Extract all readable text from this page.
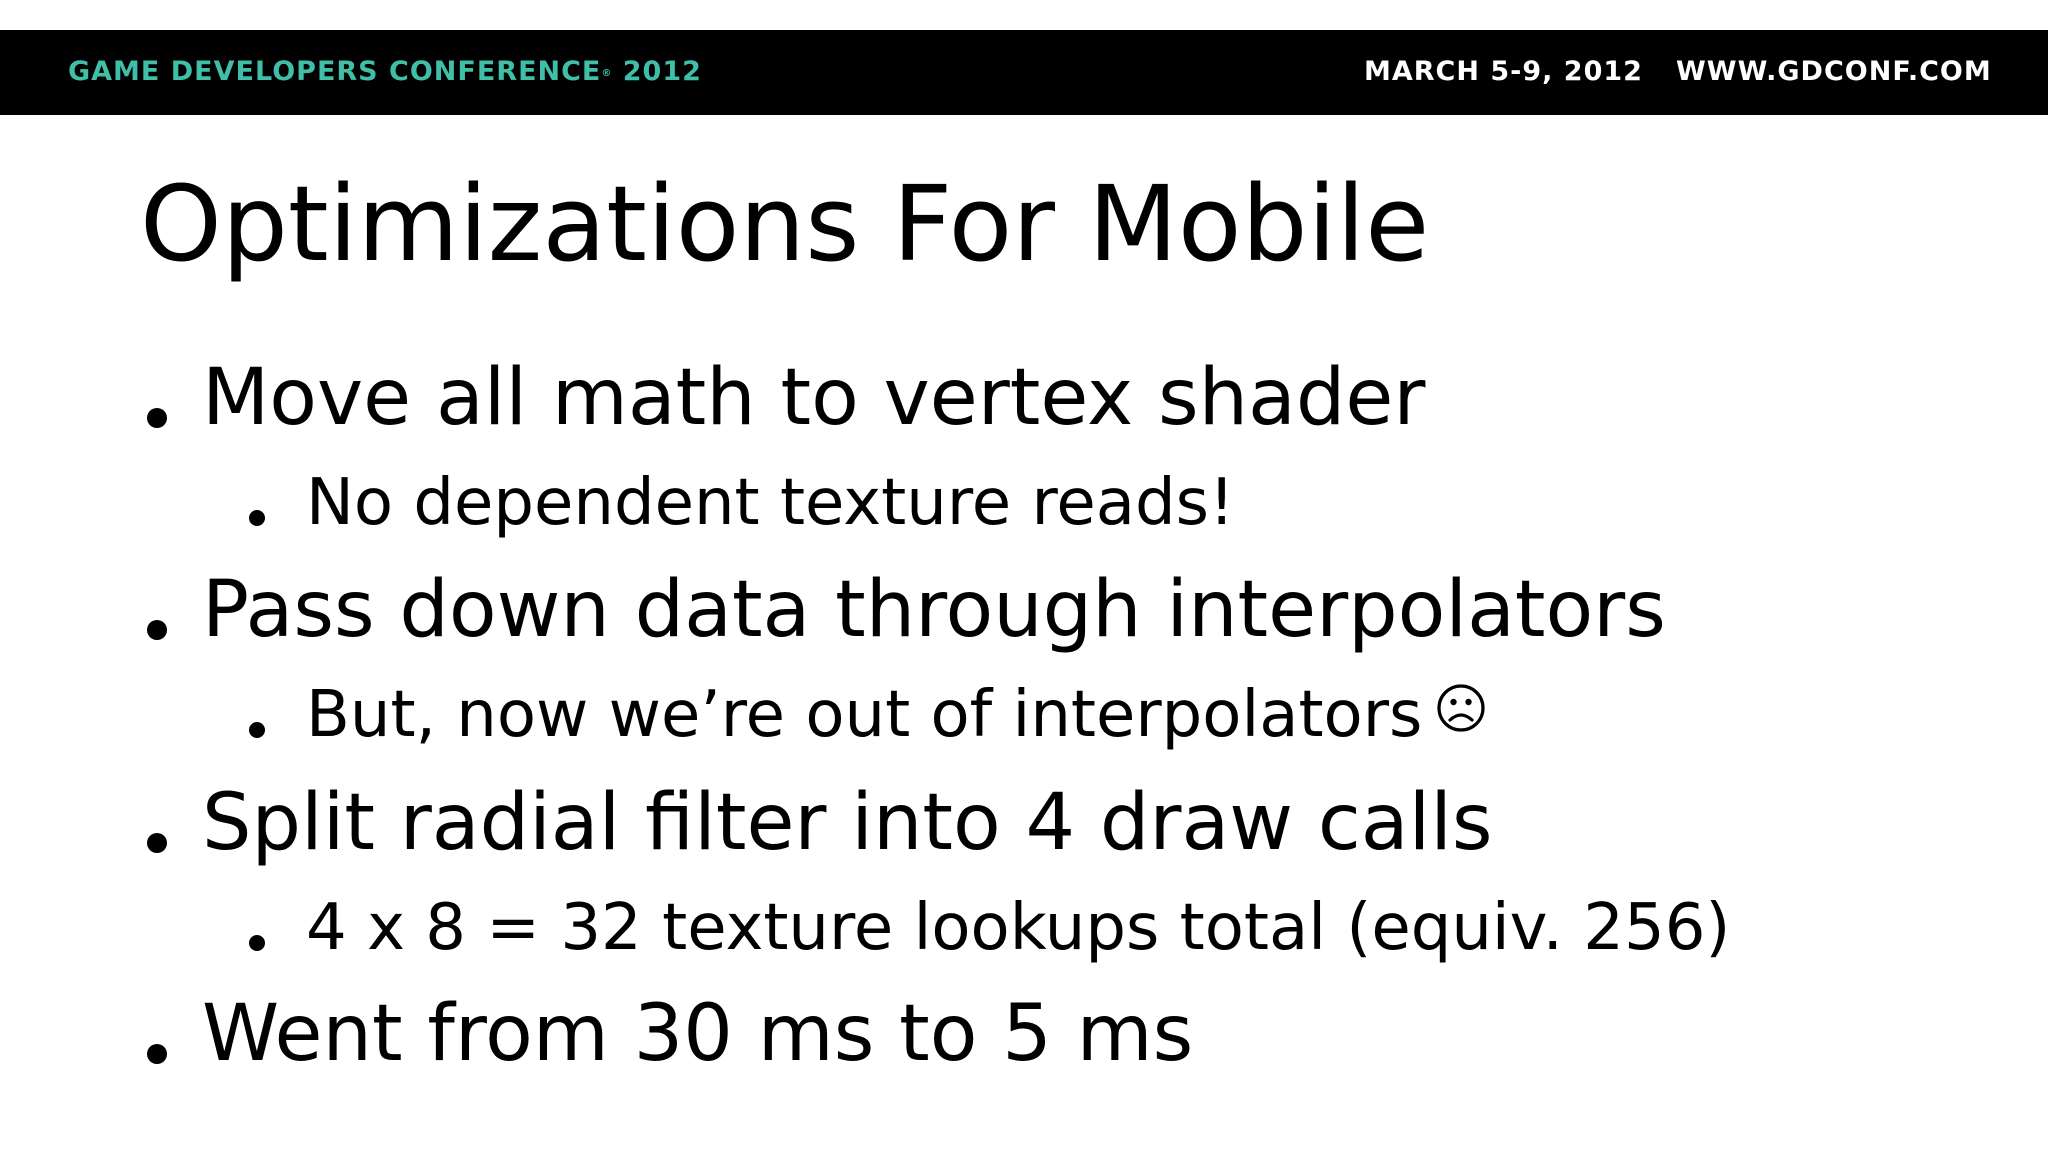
GAME DEVELOPERS CONFERENCE® 2012	MARCH 5-9, 2012 WWW.GDCONF.COM
Optimizations For Mobile
Move all math to vertex shader
No dependent texture reads!
Pass down data through interpolators
But, now we’re out of interpolators
Split radial filter into 4 draw calls
4 x 8 = 32 texture lookups total (equiv. 256)
Went from 30 ms to 5 ms
